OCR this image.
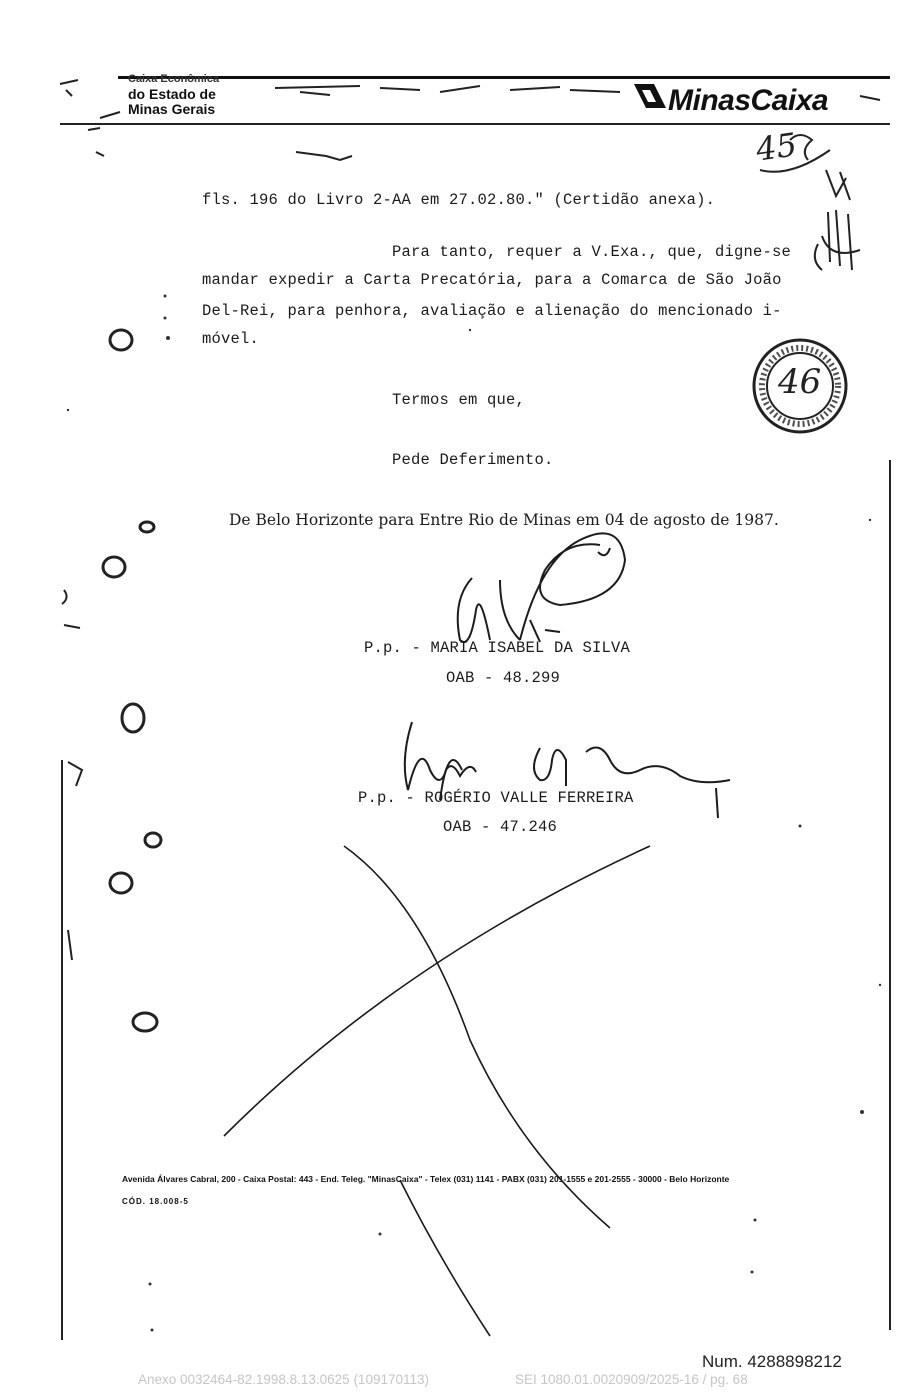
Caixa Econômica
do Estado de
Minas Gerais	MinasCaixa
45
46
fls. 196 do Livro 2-AA em 27.02.80." (Certidão anexa).
Para tanto, requer a V.Exa., que, digne-se
mandar expedir a Carta Precatória, para a Comarca de São João
Del-Rei, para penhora, avaliação e alienação do mencionado i-
móvel.
Termos em que,
Pede Deferimento.
De Belo Horizonte para Entre Rio de Minas em 04 de agosto de 1987.
P.p. - MARIA ISABEL DA SILVA
OAB - 48.299
P.p. - ROGÉRIO VALLE FERREIRA
OAB - 47.246
Avenida Álvares Cabral, 200 - Caixa Postal: 443 - End. Teleg. "MinasCaixa" - Telex (031) 1141 - PABX (031) 201-1555 e 201-2555 - 30000 - Belo Horizonte
CÓD. 18.008-5
Num. 4288898212
Anexo 0032464-82.1998.8.13.0625 (109170113)	SEI 1080.01.0020909/2025-16 / pg. 68
